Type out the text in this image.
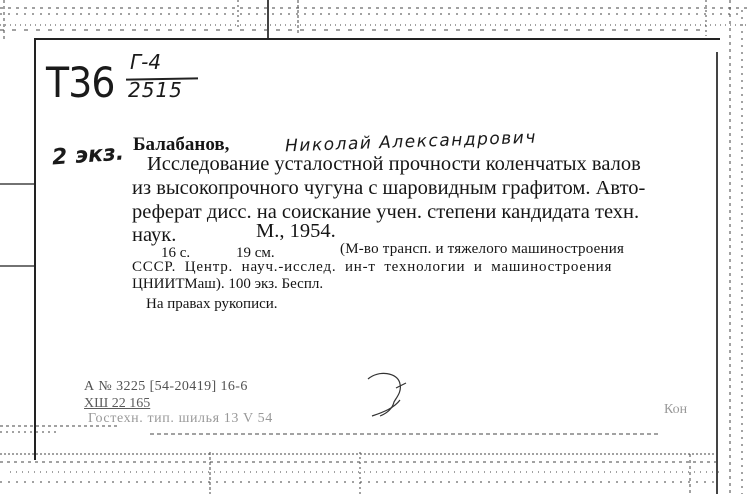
T36 Г-4
2515
2 экз. Балабанов,	Николай Александрович
Исследование усталостной прочности коленчатых валов
из высокопрочного чугуна с шаровидным графитом. Авто-
реферат дисс. на соискание учен. степени кандидата техн.
наук.	М., 1954.
16 с.	19 см.	(М-во трансп. и тяжелого машиностроения
СССР. Центр. науч.-исслед. ин-т технологии и машиностроения
ЦНИИТМаш). 100 экз. Беспл.
На правах рукописи.
А № 3225 [54-20419] 16-6
ХШ 22 165
Гостехн. тип. шилья 13 V 54
Кон
